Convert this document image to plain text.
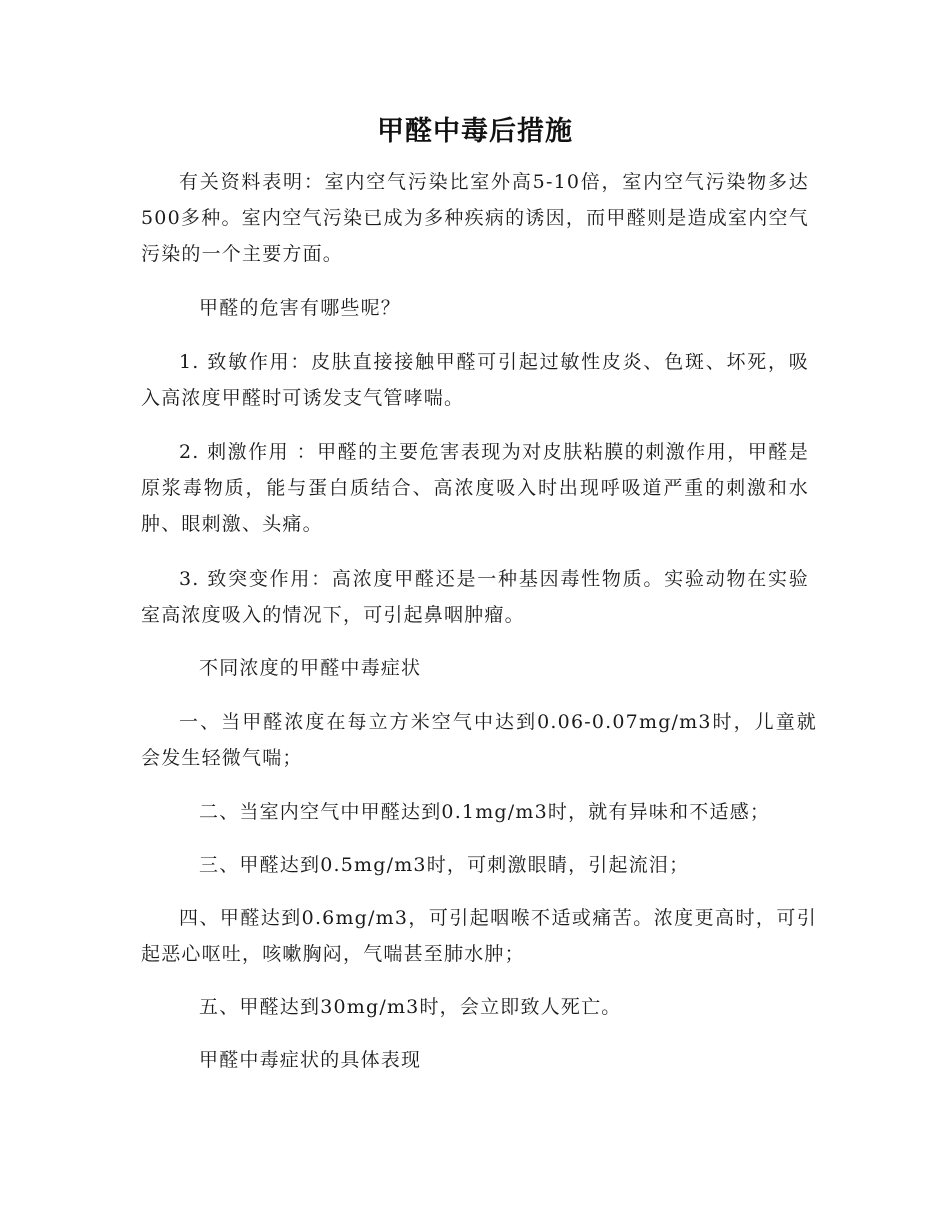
甲醛中毒后措施
有关资料表明：室内空气污染比室外高5-10倍，室内空气污染物多达500多种。室内空气污染已成为多种疾病的诱因，而甲醛则是造成室内空气污染的一个主要方面。
甲醛的危害有哪些呢？
1. 致敏作用：皮肤直接接触甲醛可引起过敏性皮炎、色斑、坏死，吸入高浓度甲醛时可诱发支气管哮喘。
2. 刺激作用 ：甲醛的主要危害表现为对皮肤粘膜的刺激作用，甲醛是原浆毒物质，能与蛋白质结合、高浓度吸入时出现呼吸道严重的刺激和水肿、眼刺激、头痛。
3. 致突变作用：高浓度甲醛还是一种基因毒性物质。实验动物在实验室高浓度吸入的情况下，可引起鼻咽肿瘤。
不同浓度的甲醛中毒症状
一、当甲醛浓度在每立方米空气中达到0.06-0.07mg/m3时，儿童就会发生轻微气喘；
二、当室内空气中甲醛达到0.1mg/m3时，就有异味和不适感；
三、甲醛达到0.5mg/m3时，可刺激眼睛，引起流泪；
四、甲醛达到0.6mg/m3，可引起咽喉不适或痛苦。浓度更高时，可引起恶心呕吐，咳嗽胸闷，气喘甚至肺水肿；
五、甲醛达到30mg/m3时，会立即致人死亡。
甲醛中毒症状的具体表现
